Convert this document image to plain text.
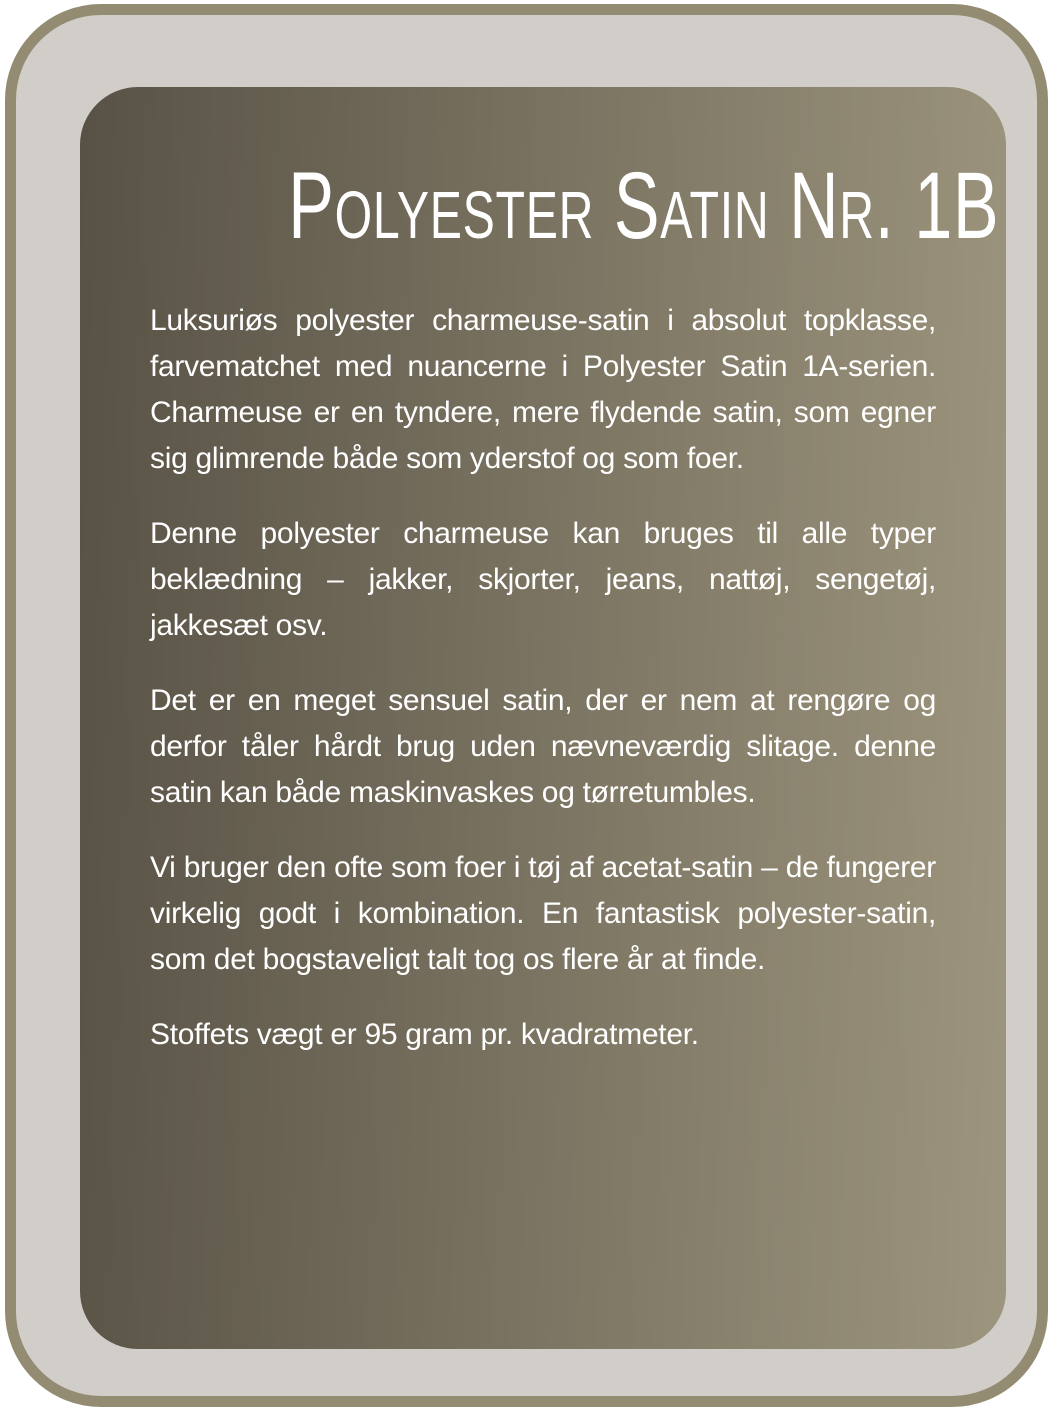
Polyester Satin Nr. 1B

Luksuriøs polyester charmeuse-satin i absolut topklasse, farvematchet med nuancerne i Polyester Satin 1A-serien. Charmeuse er en tyndere, mere flydende satin, som egner sig glimrende både som yderstof og som foer.

Denne polyester charmeuse kan bruges til alle typer beklædning – jakker, skjorter, jeans, nattøj, sengetøj, jakkesæt osv.

Det er en meget sensuel satin, der er nem at rengøre og derfor tåler hårdt brug uden nævneværdig slitage. denne satin kan både maskinvaskes og tørretumbles.

Vi bruger den ofte som foer i tøj af acetat-satin – de fungerer virkelig godt i kombination. En fantastisk polyester-satin, som det bogstaveligt talt tog os flere år at finde.

Stoffets vægt er 95 gram pr. kvadratmeter.
